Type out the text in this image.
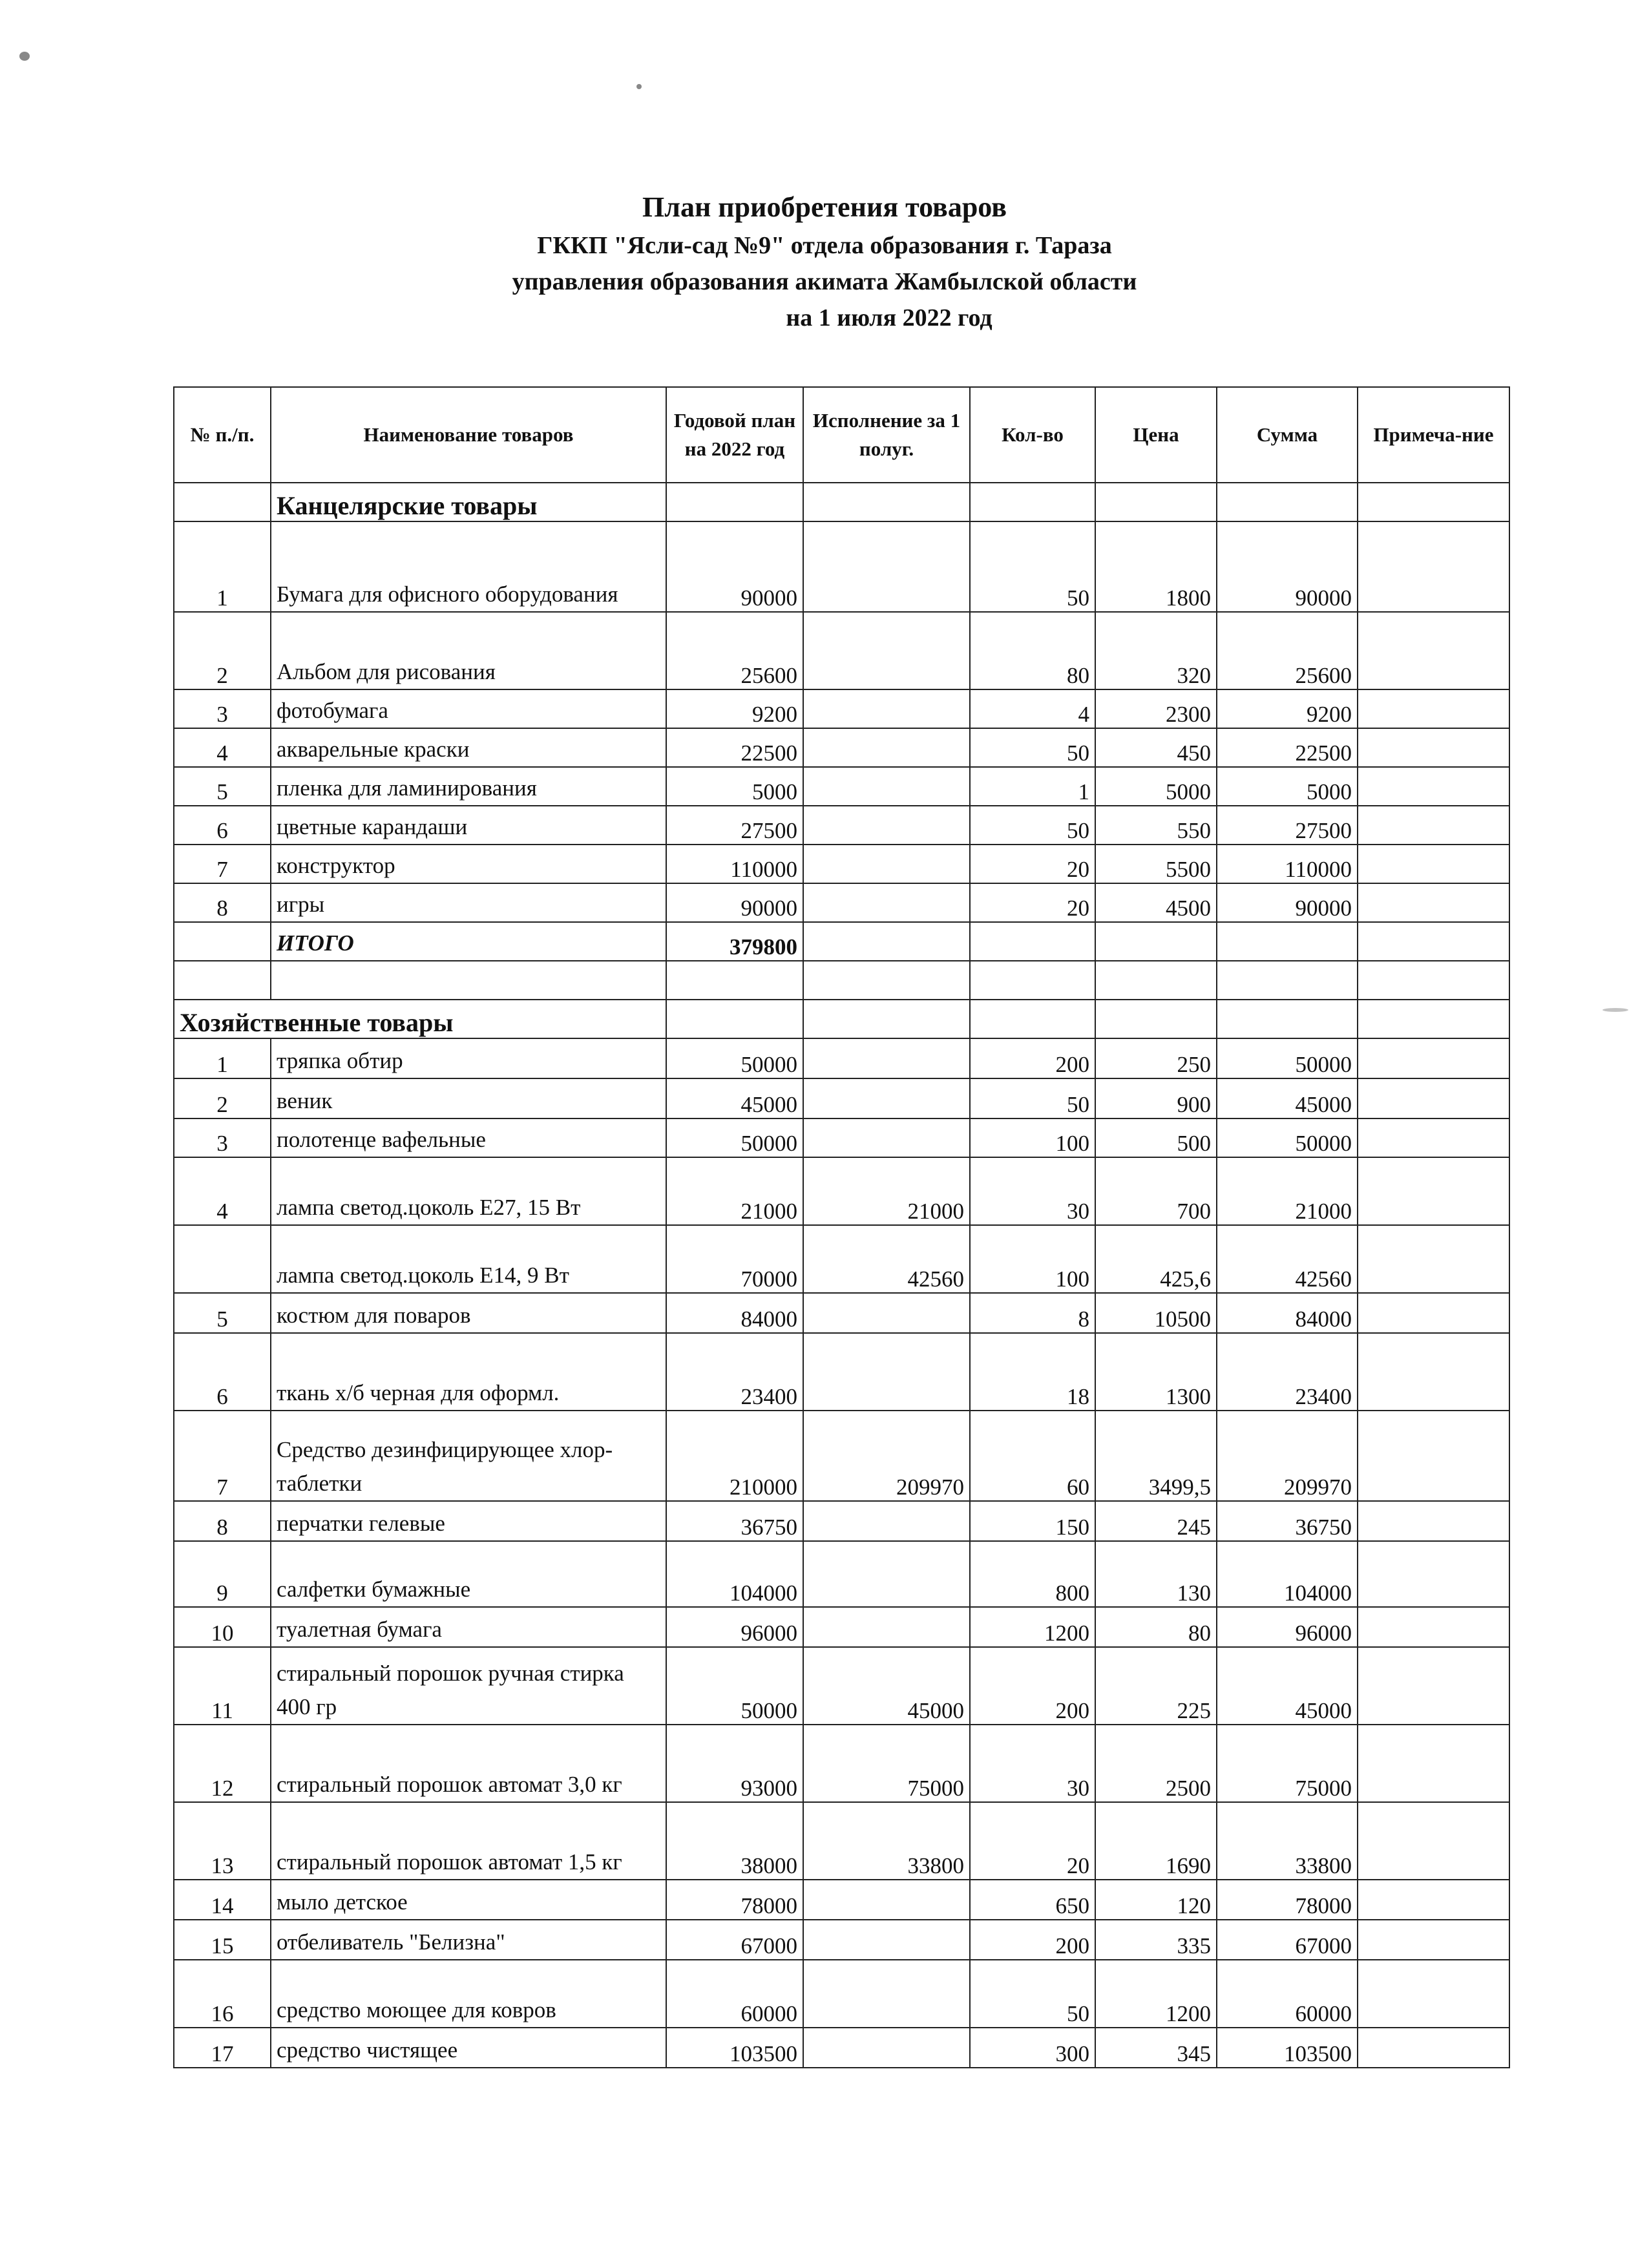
План приобретения товаров
ГККП "Ясли-сад №9" отдела образования г. Тараза
управления образования акимата Жамбылской области
на 1 июля 2022 год
№ п./п.	Наименование товаров	Годовой план на 2022 год	Исполнение за 1 полуг.	Кол-во	Цена	Сумма	Примеча-ние
	Канцелярские товары						
1	Бумага для офисного оборудования	90000		50	1800	90000	
2	Альбом для рисования	25600		80	320	25600	
3	фотобумага	9200		4	2300	9200	
4	акварельные краски	22500		50	450	22500	
5	пленка для ламинирования	5000		1	5000	5000	
6	цветные карандаши	27500		50	550	27500	
7	конструктор	110000		20	5500	110000	
8	игры	90000		20	4500	90000	
	ИТОГО	379800					

Хозяйственные товары							
1	тряпка обтир	50000		200	250	50000	
2	веник	45000		50	900	45000	
3	полотенце вафельные	50000		100	500	50000	
4	лампа светод.цоколь Е27, 15 Вт	21000	21000	30	700	21000	
	лампа светод.цоколь Е14, 9 Вт	70000	42560	100	425,6	42560	
5	костюм для поваров	84000		8	10500	84000	
6	ткань х/б черная для оформл.	23400		18	1300	23400	
7	Средство дезинфицирующее хлор-таблетки	210000	209970	60	3499,5	209970	
8	перчатки гелевые	36750		150	245	36750	
9	салфетки бумажные	104000		800	130	104000	
10	туалетная бумага	96000		1200	80	96000	
11	стиральный порошок ручная стирка 400 гр	50000	45000	200	225	45000	
12	стиральный порошок автомат 3,0 кг	93000	75000	30	2500	75000	
13	стиральный порошок автомат 1,5 кг	38000	33800	20	1690	33800	
14	мыло детское	78000		650	120	78000	
15	отбеливатель "Белизна"	67000		200	335	67000	
16	средство моющее для ковров	60000		50	1200	60000	
17	средство чистящее	103500		300	345	103500	
